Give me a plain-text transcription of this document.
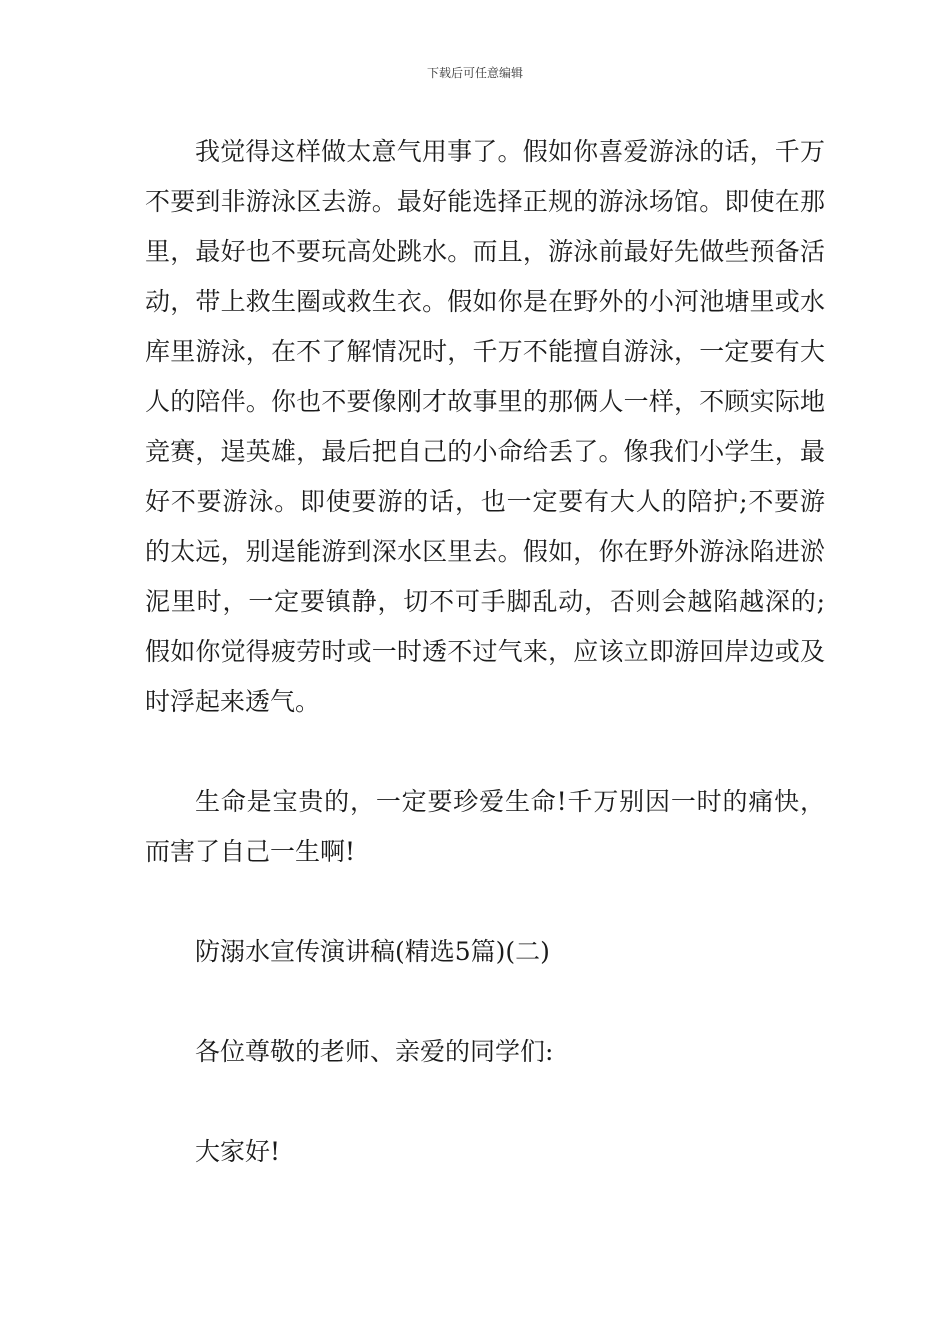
下载后可任意编辑

我觉得这样做太意气用事了。假如你喜爱游泳的话，千万不要到非游泳区去游。最好能选择正规的游泳场馆。即使在那里，最好也不要玩高处跳水。而且，游泳前最好先做些预备活动，带上救生圈或救生衣。假如你是在野外的小河池塘里或水库里游泳，在不了解情况时，千万不能擅自游泳，一定要有大人的陪伴。你也不要像刚才故事里的那俩人一样，不顾实际地竞赛，逞英雄，最后把自己的小命给丢了。像我们小学生，最好不要游泳。即使要游的话，也一定要有大人的陪护;不要游的太远，别逞能游到深水区里去。假如，你在野外游泳陷进淤泥里时，一定要镇静，切不可手脚乱动，否则会越陷越深的;假如你觉得疲劳时或一时透不过气来，应该立即游回岸边或及时浮起来透气。

生命是宝贵的，一定要珍爱生命!千万别因一时的痛快，而害了自己一生啊!

防溺水宣传演讲稿(精选5篇)(二)

各位尊敬的老师、亲爱的同学们:

大家好!
